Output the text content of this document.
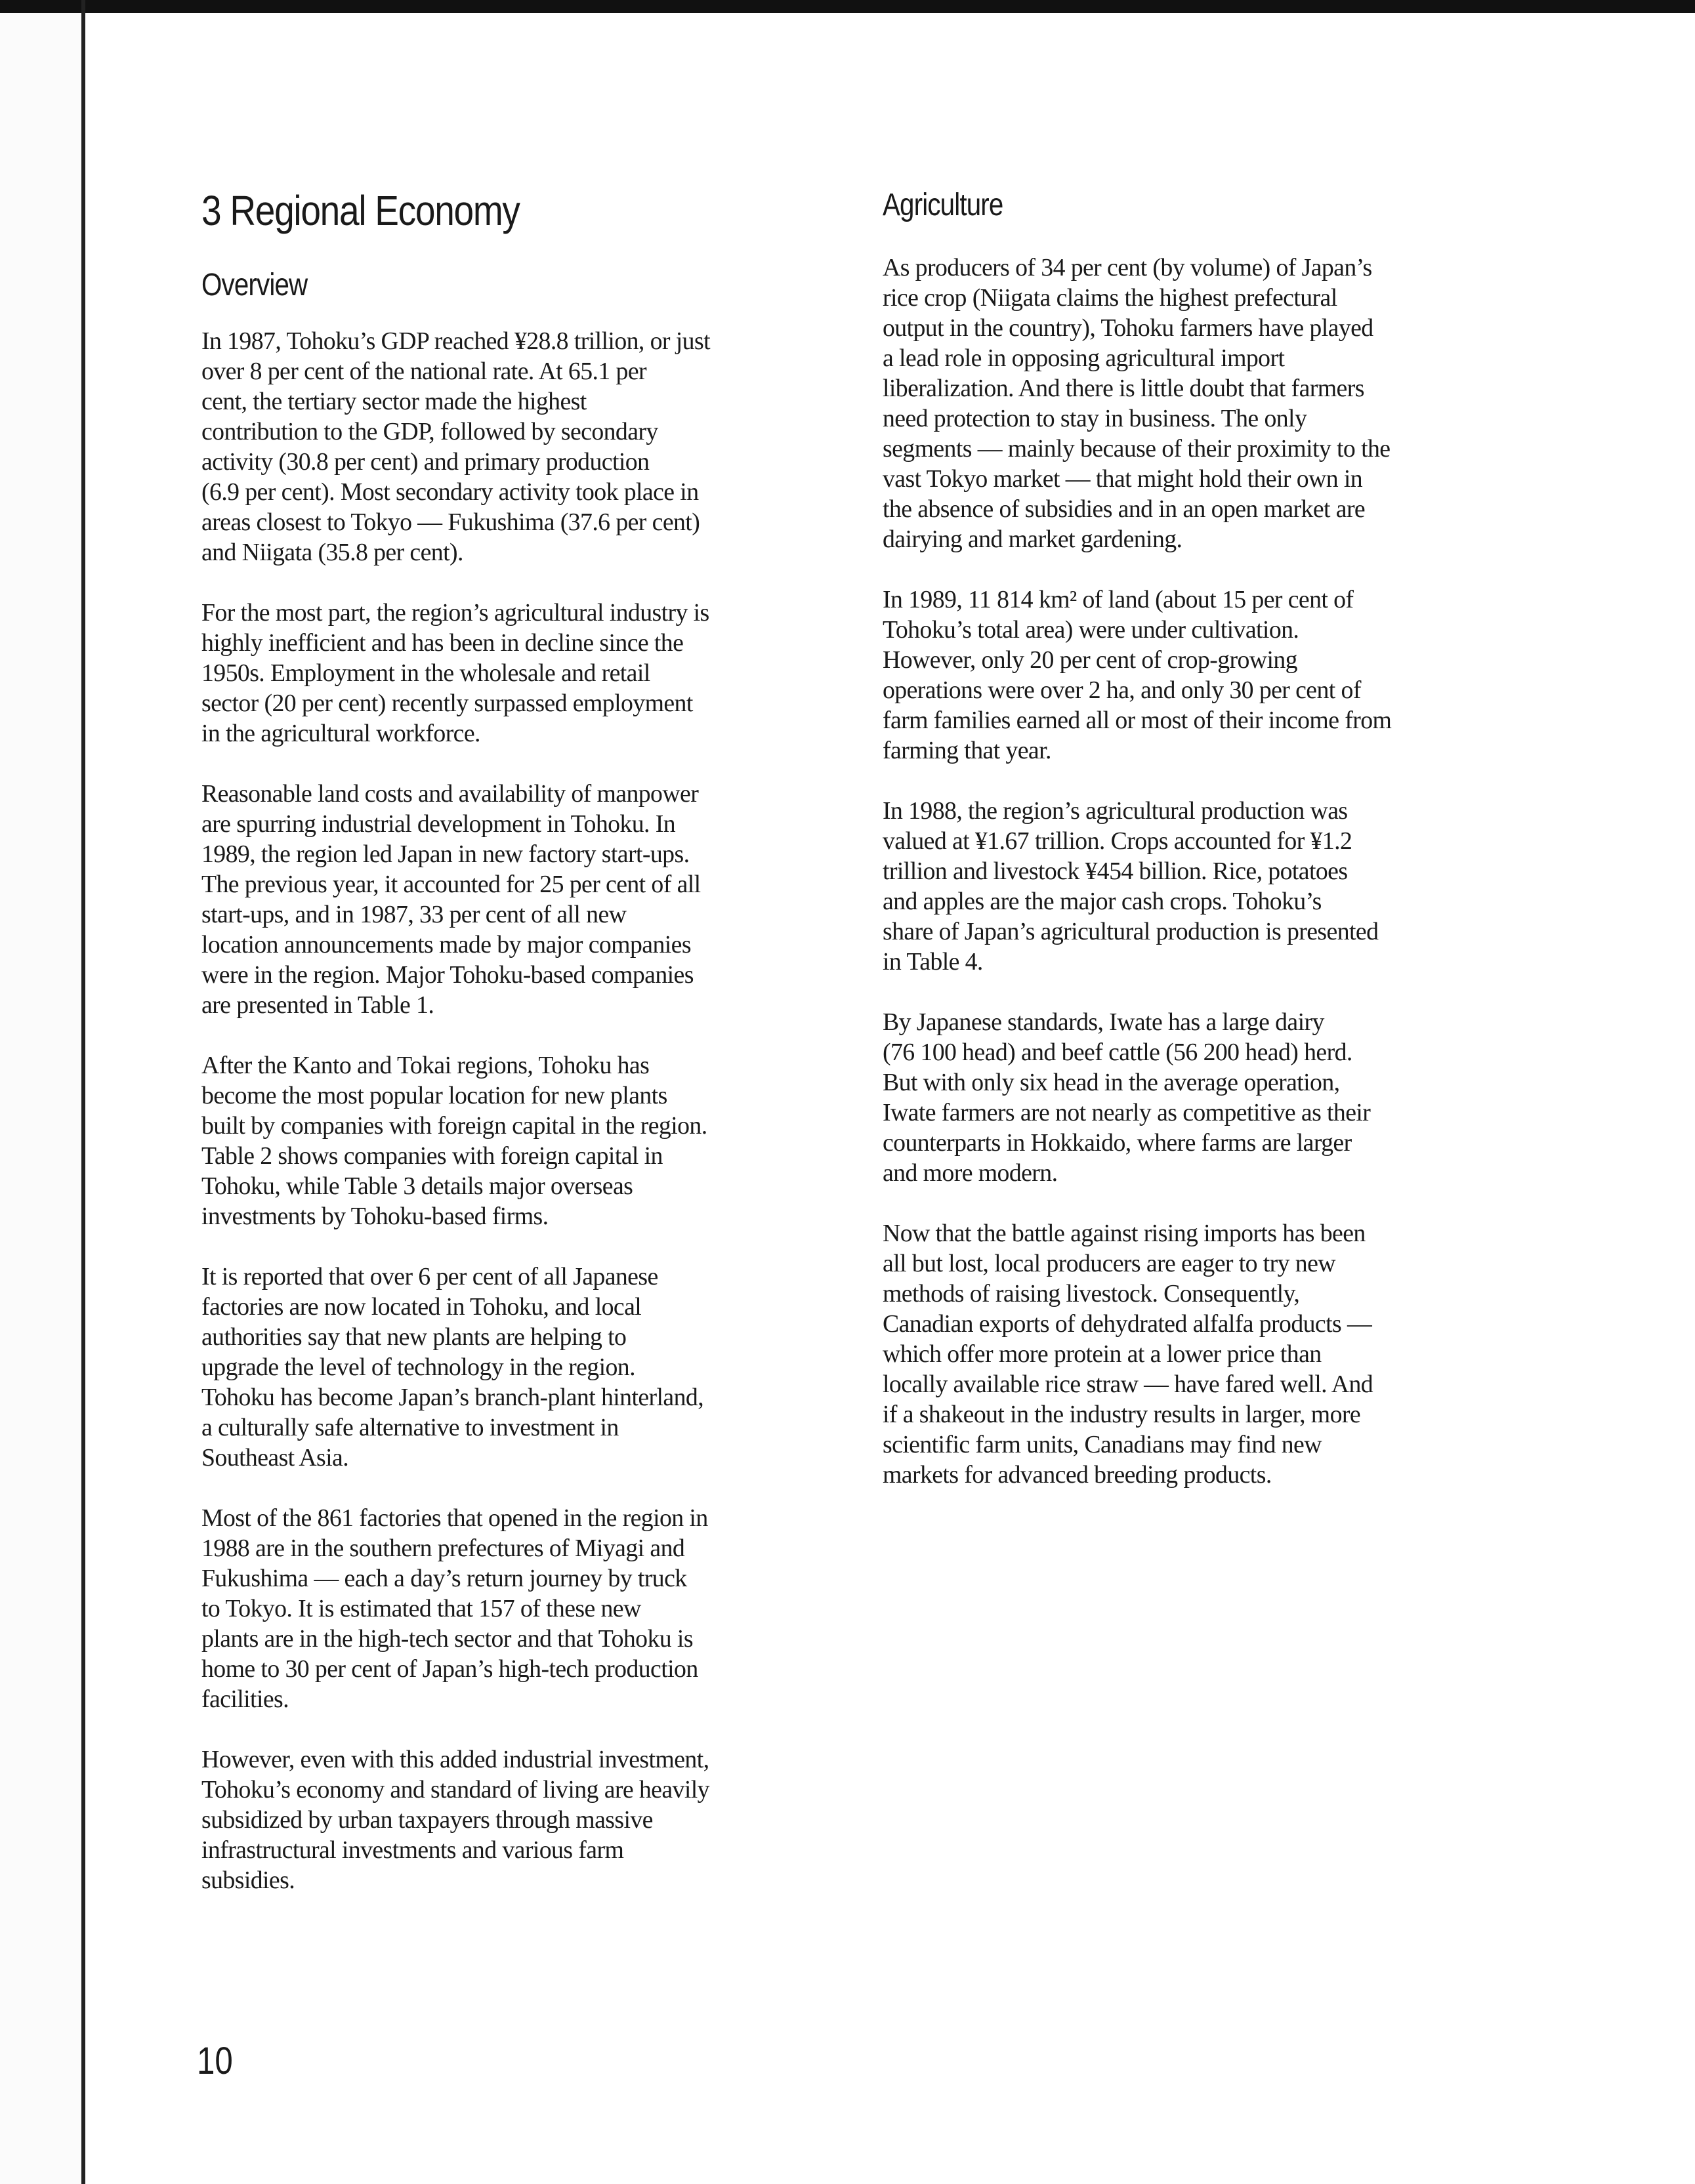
3 Regional Economy
Overview

In 1987, Tohoku’s GDP reached ¥28.8 trillion, or just
over 8 per cent of the national rate. At 65.1 per
cent, the tertiary sector made the highest
contribution to the GDP, followed by secondary
activity (30.8 per cent) and primary production
(6.9 per cent). Most secondary activity took place in
areas closest to Tokyo — Fukushima (37.6 per cent)
and Niigata (35.8 per cent).

For the most part, the region’s agricultural industry is
highly inefficient and has been in decline since the
1950s. Employment in the wholesale and retail
sector (20 per cent) recently surpassed employment
in the agricultural workforce.

Reasonable land costs and availability of manpower
are spurring industrial development in Tohoku. In
1989, the region led Japan in new factory start-ups.
The previous year, it accounted for 25 per cent of all
start-ups, and in 1987, 33 per cent of all new
location announcements made by major companies
were in the region. Major Tohoku-based companies
are presented in Table 1.

After the Kanto and Tokai regions, Tohoku has
become the most popular location for new plants
built by companies with foreign capital in the region.
Table 2 shows companies with foreign capital in
Tohoku, while Table 3 details major overseas
investments by Tohoku-based firms.

It is reported that over 6 per cent of all Japanese
factories are now located in Tohoku, and local
authorities say that new plants are helping to
upgrade the level of technology in the region.
Tohoku has become Japan’s branch-plant hinterland,
a culturally safe alternative to investment in
Southeast Asia.

Most of the 861 factories that opened in the region in
1988 are in the southern prefectures of Miyagi and
Fukushima — each a day’s return journey by truck
to Tokyo. It is estimated that 157 of these new
plants are in the high-tech sector and that Tohoku is
home to 30 per cent of Japan’s high-tech production
facilities.

However, even with this added industrial investment,
Tohoku’s economy and standard of living are heavily
subsidized by urban taxpayers through massive
infrastructural investments and various farm
subsidies.

Agriculture

As producers of 34 per cent (by volume) of Japan’s
rice crop (Niigata claims the highest prefectural
output in the country), Tohoku farmers have played
a lead role in opposing agricultural import
liberalization. And there is little doubt that farmers
need protection to stay in business. The only
segments — mainly because of their proximity to the
vast Tokyo market — that might hold their own in
the absence of subsidies and in an open market are
dairying and market gardening.

In 1989, 11 814 km² of land (about 15 per cent of
Tohoku’s total area) were under cultivation.
However, only 20 per cent of crop-growing
operations were over 2 ha, and only 30 per cent of
farm families earned all or most of their income from
farming that year.

In 1988, the region’s agricultural production was
valued at ¥1.67 trillion. Crops accounted for ¥1.2
trillion and livestock ¥454 billion. Rice, potatoes
and apples are the major cash crops. Tohoku’s
share of Japan’s agricultural production is presented
in Table 4.

By Japanese standards, Iwate has a large dairy
(76 100 head) and beef cattle (56 200 head) herd.
But with only six head in the average operation,
Iwate farmers are not nearly as competitive as their
counterparts in Hokkaido, where farms are larger
and more modern.

Now that the battle against rising imports has been
all but lost, local producers are eager to try new
methods of raising livestock. Consequently,
Canadian exports of dehydrated alfalfa products —
which offer more protein at a lower price than
locally available rice straw — have fared well. And
if a shakeout in the industry results in larger, more
scientific farm units, Canadians may find new
markets for advanced breeding products.

10
